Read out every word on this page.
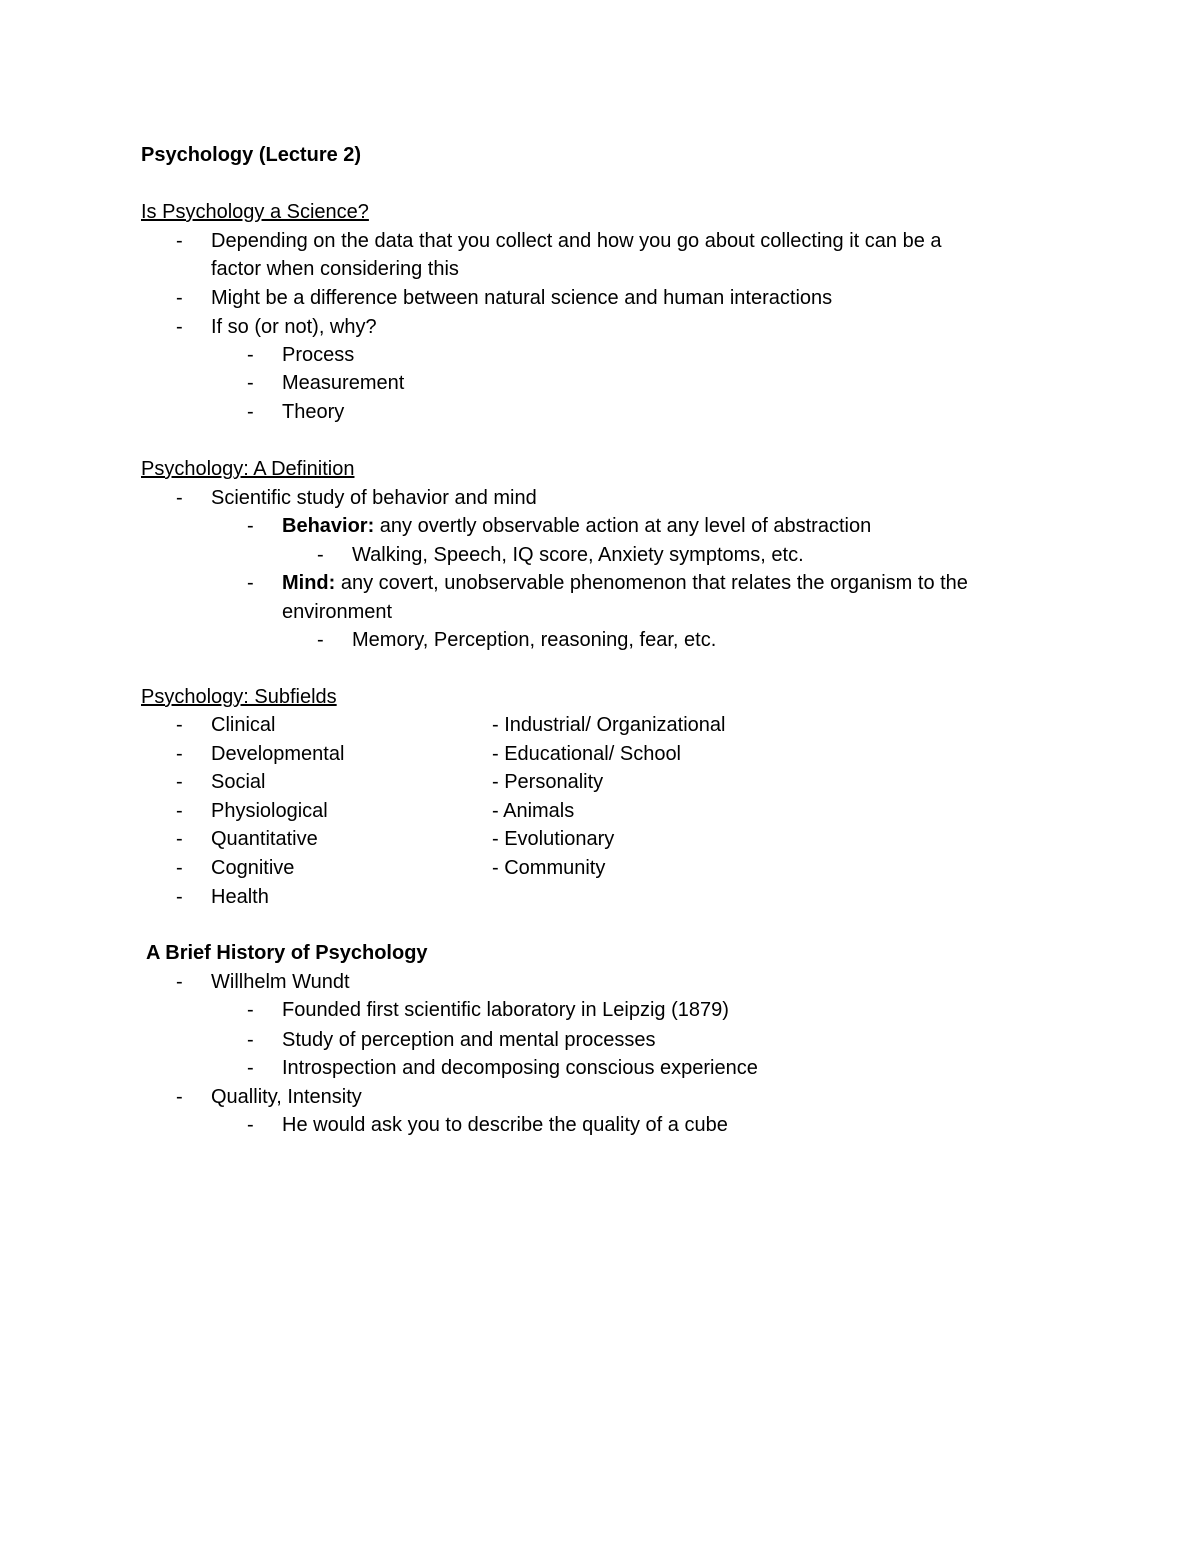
Psychology (Lecture 2)
Is Psychology a Science?
- Depending on the data that you collect and how you go about collecting it can be a
factor when considering this
- Might be a difference between natural science and human interactions
- If so (or not), why?
- Process
- Measurement
- Theory
Psychology: A Definition
- Scientific study of behavior and mind
- Behavior: any overtly observable action at any level of abstraction
- Walking, Speech, IQ score, Anxiety symptoms, etc.
- Mind: any covert, unobservable phenomenon that relates the organism to the
environment
- Memory, Perception, reasoning, fear, etc.
Psychology: Subfields
- Clinical	- Industrial/ Organizational
- Developmental	- Educational/ School
- Social	- Personality
- Physiological	- Animals
- Quantitative	- Evolutionary
- Cognitive	- Community
- Health
A Brief History of Psychology
- Willhelm Wundt
- Founded first scientific laboratory in Leipzig (1879)
- Study of perception and mental processes
- Introspection and decomposing conscious experience
- Quallity, Intensity
- He would ask you to describe the quality of a cube
